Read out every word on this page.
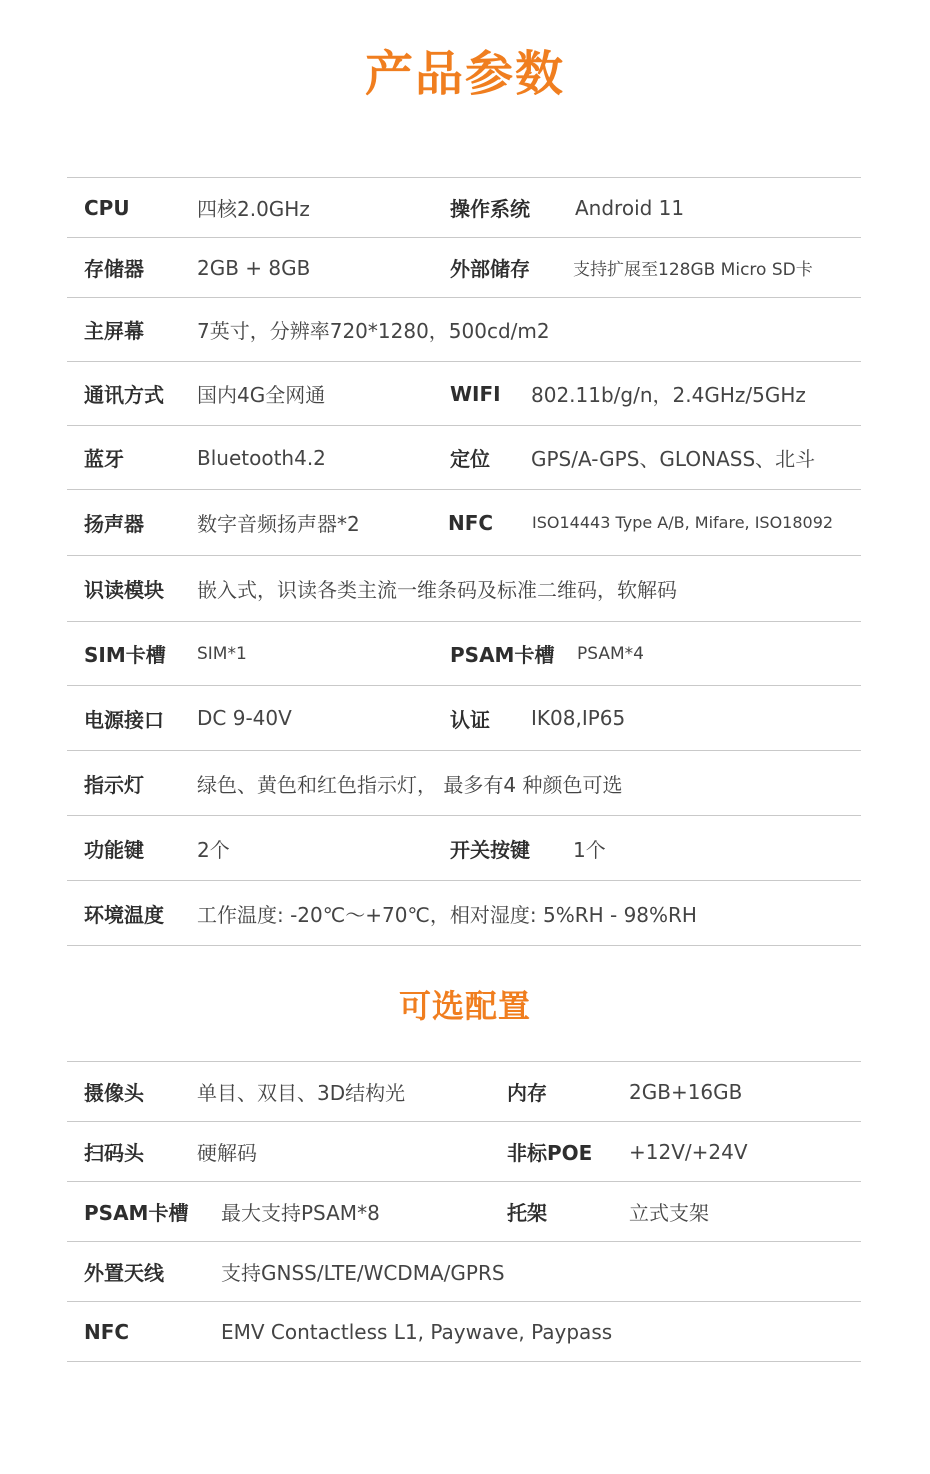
产品参数
CPU	四核2.0GHz	操作系统 Android 11
存储器	2GB + 8GB	外部储存	支持扩展至128GB Micro SD卡
主屏幕	7英寸，分辨率720*1280，500cd/m2
通讯方式 国内4G全网通	WIFI 802.11b/g/n，2.4GHz/5GHz
蓝牙	Bluetooth4.2	定位 GPS/A-GPS、GLONASS、北斗
扬声器	数字音频扬声器*2	NFC ISO14443 Type A/B, Mifare, ISO18092
识读模块 嵌入式，识读各类主流一维条码及标准二维码，软解码
SIM卡槽 SIM*1	PSAM卡槽 PSAM*4
电源接口 DC 9-40V	认证 IK08,IP65
指示灯	绿色、黄色和红色指示灯， 最多有4 种颜色可选
功能键	2个	开关按键 1个
环境温度 工作温度: -20℃～+70℃，相对湿度: 5%RH - 98%RH
可选配置
摄像头	单目、双目、3D结构光	内存	2GB+16GB
扫码头	硬解码	非标POE +12V/+24V
PSAM卡槽 最大支持PSAM*8	托架	立式支架
外置天线	支持GNSS/LTE/WCDMA/GPRS
NFC	EMV Contactless L1, Paywave, Paypass
